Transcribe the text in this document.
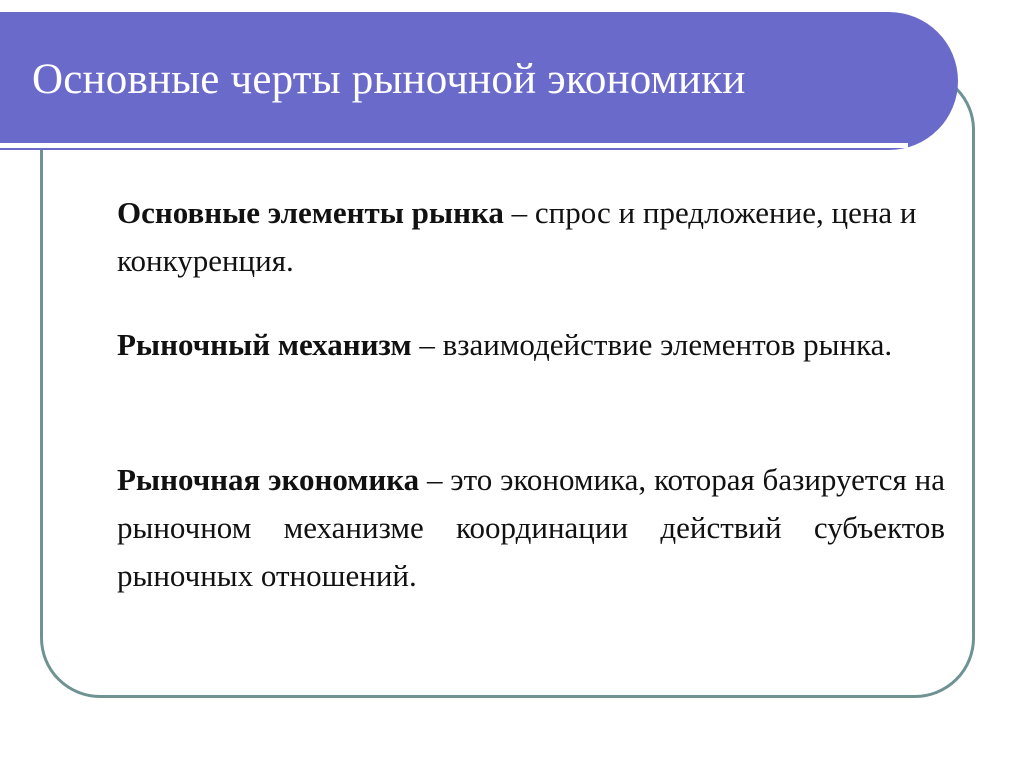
Основные черты рыночной экономики
Основные элементы рынка – спрос и предложение, цена и конкуренция.
Рыночный механизм – взаимодействие элементов рынка.
Рыночная экономика – это экономика, которая базируется на рыночном механизме координации действий субъектов рыночных отношений.
